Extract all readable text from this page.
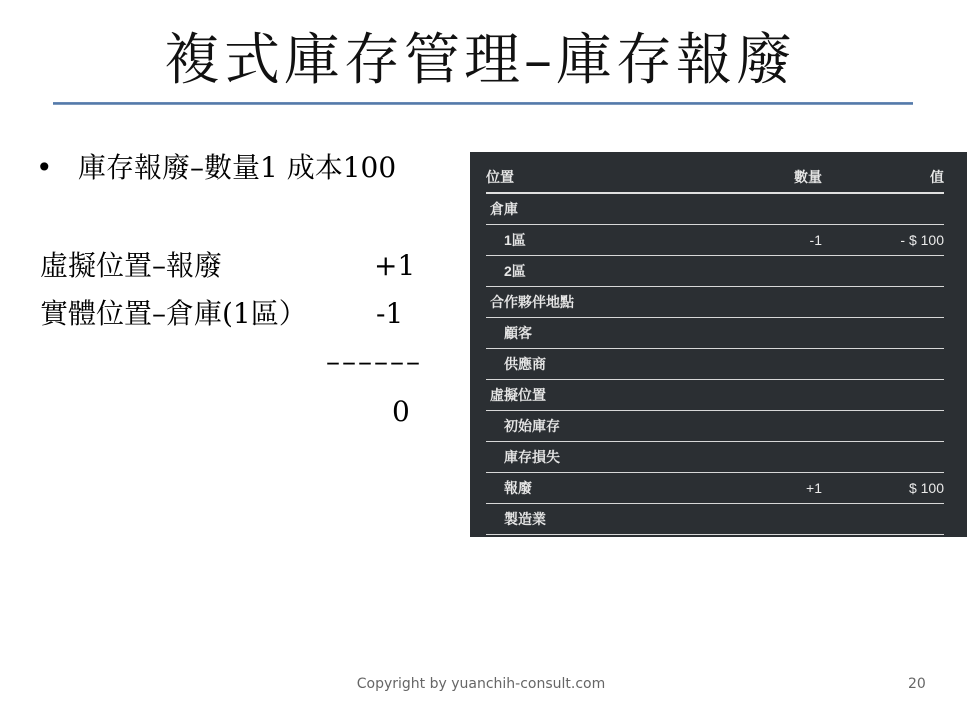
複式庫存管理–庫存報廢
• 庫存報廢–數量1 成本100
虛擬位置–報廢	+1
實體位置–倉庫(1區） -1
––––––
0
位置	數量	值
倉庫		
1區	-1	- $ 100
2區		
合作夥伴地點		
顧客		
供應商		
虛擬位置		
初始庫存		
庫存損失		
報廢	+1	$ 100
製造業		
Copyright by yuanchih-consult.com	20
